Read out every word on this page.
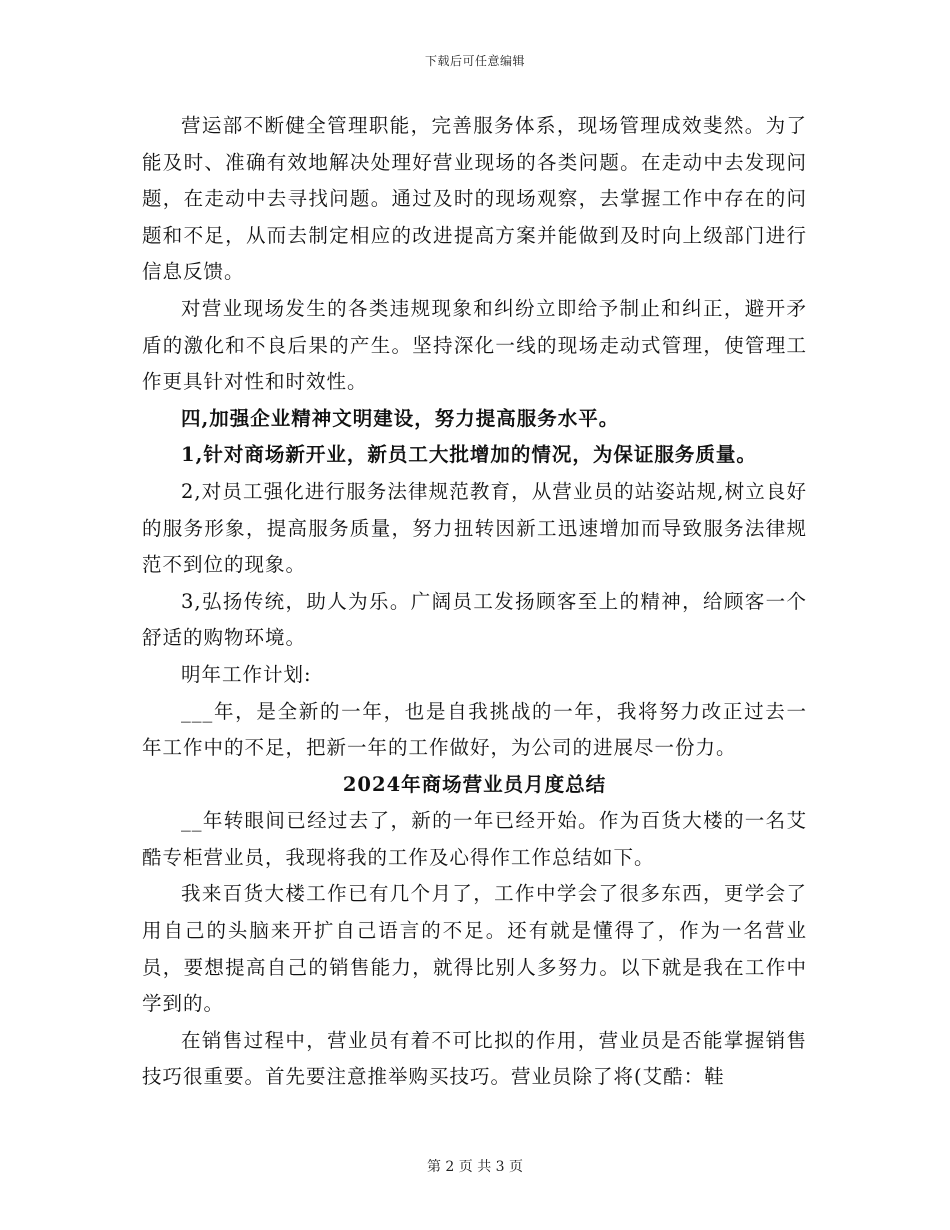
下载后可任意编辑

营运部不断健全管理职能，完善服务体系，现场管理成效斐然。为了能及时、准确有效地解决处理好营业现场的各类问题。在走动中去发现问题，在走动中去寻找问题。通过及时的现场观察，去掌握工作中存在的问题和不足，从而去制定相应的改进提高方案并能做到及时向上级部门进行信息反馈。

对营业现场发生的各类违规现象和纠纷立即给予制止和纠正，避开矛盾的激化和不良后果的产生。坚持深化一线的现场走动式管理，使管理工作更具针对性和时效性。

四,加强企业精神文明建设，努力提高服务水平。

1,针对商场新开业，新员工大批增加的情况，为保证服务质量。

2,对员工强化进行服务法律规范教育，从营业员的站姿站规,树立良好的服务形象，提高服务质量，努力扭转因新工迅速增加而导致服务法律规范不到位的现象。

3,弘扬传统，助人为乐。广阔员工发扬顾客至上的精神，给顾客一个舒适的购物环境。

明年工作计划:

___年，是全新的一年，也是自我挑战的一年，我将努力改正过去一年工作中的不足，把新一年的工作做好，为公司的进展尽一份力。

2024年商场营业员月度总结

__年转眼间已经过去了，新的一年已经开始。作为百货大楼的一名艾酷专柜营业员，我现将我的工作及心得作工作总结如下。

我来百货大楼工作已有几个月了，工作中学会了很多东西，更学会了用自己的头脑来开扩自己语言的不足。还有就是懂得了，作为一名营业员，要想提高自己的销售能力，就得比别人多努力。以下就是我在工作中学到的。

在销售过程中，营业员有着不可比拟的作用，营业员是否能掌握销售技巧很重要。首先要注意推举购买技巧。营业员除了将(艾酷：鞋

第 2 页 共 3 页
